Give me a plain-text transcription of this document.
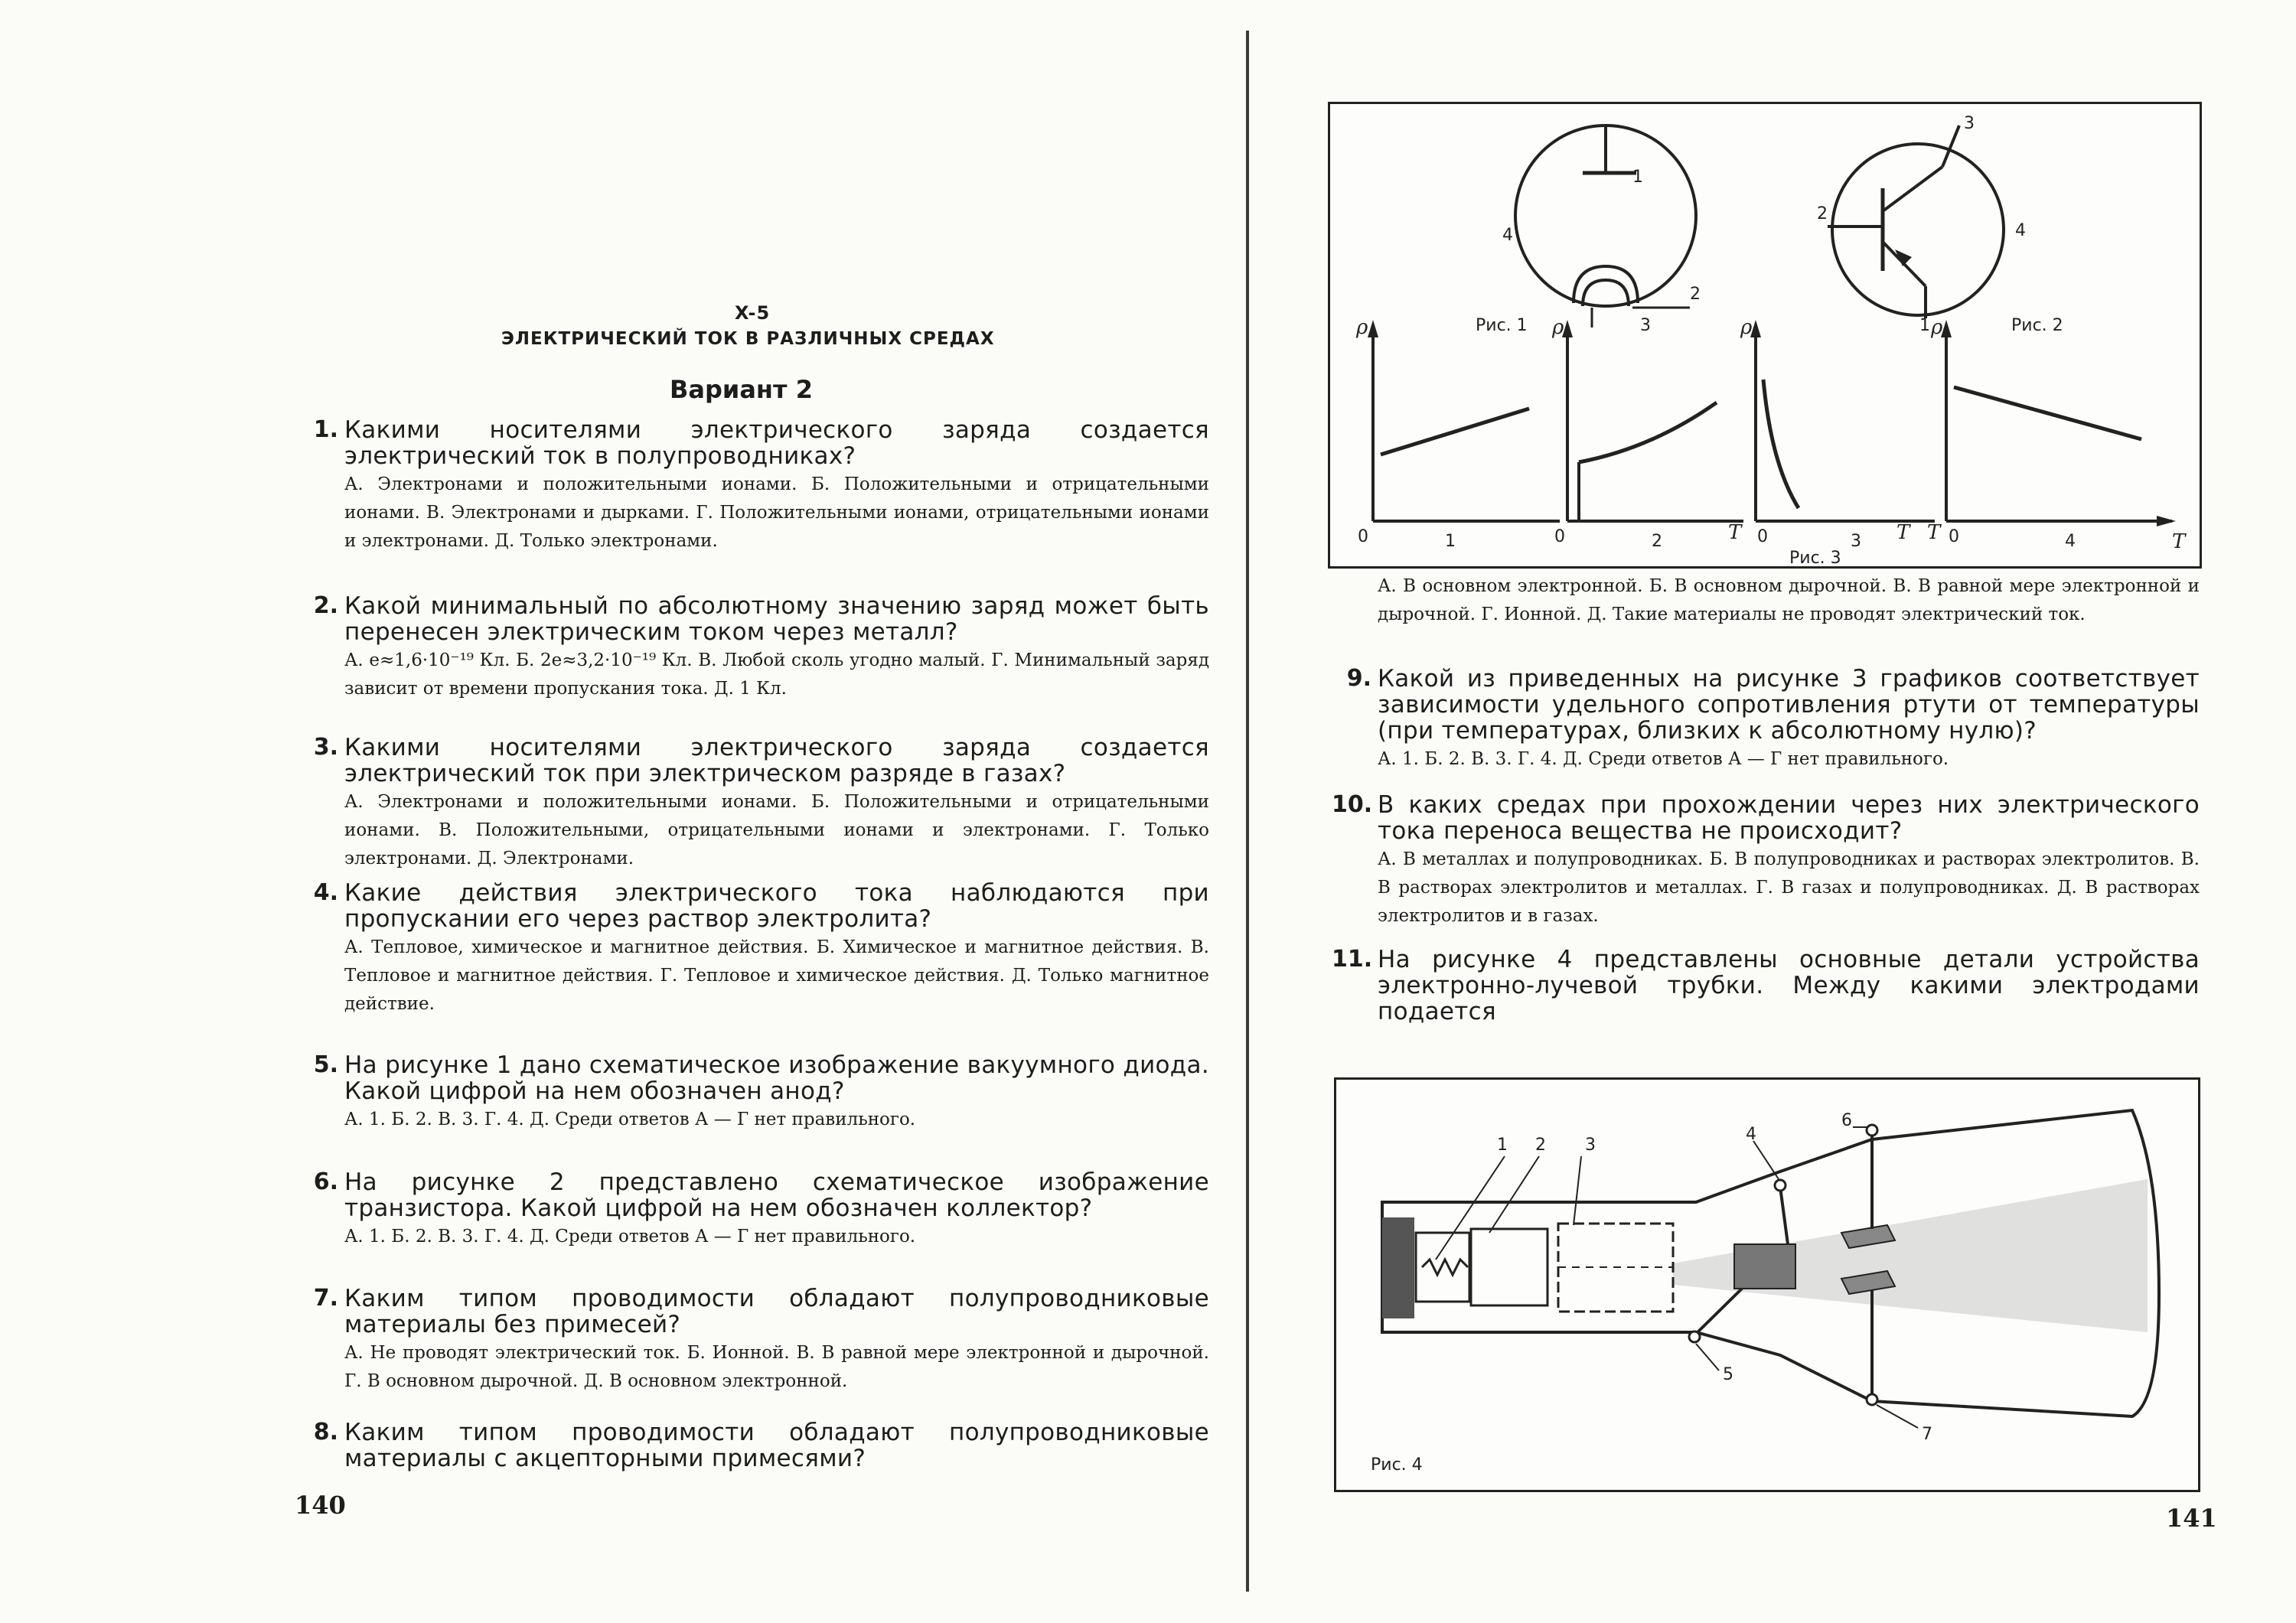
X-5
ЭЛЕКТРИЧЕСКИЙ ТОК В РАЗЛИЧНЫХ СРЕДАХ
Вариант 2
1. Какими носителями электрического заряда создается электрический ток в полупроводниках?
А. Электронами и положительными ионами. Б. Положительными и отрицательными ионами. В. Электронами и дырками. Г. Положительными ионами, отрицательными ионами и электронами. Д. Только электронами.
2. Какой минимальный по абсолютному значению заряд может быть перенесен электрическим током через металл?
А. e≈1,6·10⁻¹⁹ Кл. Б. 2e≈3,2·10⁻¹⁹ Кл. В. Любой сколь угодно малый. Г. Минимальный заряд зависит от времени пропускания тока. Д. 1 Кл.
3. Какими носителями электрического заряда создается электрический ток при электрическом разряде в газах?
А. Электронами и положительными ионами. Б. Положительными и отрицательными ионами. В. Положительными, отрицательными ионами и электронами. Г. Только электронами. Д. Электронами.
4. Какие действия электрического тока наблюдаются при пропускании его через раствор электролита?
А. Тепловое, химическое и магнитное действия. Б. Химическое и магнитное действия. В. Тепловое и магнитное действия. Г. Тепловое и химическое действия. Д. Только магнитное действие.
5. На рисунке 1 дано схематическое изображение вакуумного диода. Какой цифрой на нем обозначен анод?
А. 1. Б. 2. В. 3. Г. 4. Д. Среди ответов А — Г нет правильного.
6. На рисунке 2 представлено схематическое изображение транзистора. Какой цифрой на нем обозначен коллектор?
А. 1. Б. 2. В. 3. Г. 4. Д. Среди ответов А — Г нет правильного.
7. Каким типом проводимости обладают полупроводниковые материалы без примесей?
А. Не проводят электрический ток. Б. Ионной. В. В равной мере электронной и дырочной. Г. В основном дырочной. Д. В основном электронной.
8. Каким типом проводимости обладают полупроводниковые материалы с акцепторными примесями?
140
1
2
3
4
Рис. 1
3
2
4
1	Рис. 2
ρ
0	1
ρ
T
0	2
ρ
T
0	3
Рис. 3
ρ
T	T
0	4
А. В основном электронной. Б. В основном дырочной. В. В равной мере электронной и дырочной. Г. Ионной. Д. Такие материалы не проводят электрический ток.
9. Какой из приведенных на рисунке 3 графиков соответствует зависимости удельного сопротивления ртути от температуры (при температурах, близких к абсолютному нулю)?
А. 1. Б. 2. В. 3. Г. 4. Д. Среди ответов А — Г нет правильного.
10. В каких средах при прохождении через них электрического тока переноса вещества не происходит?
А. В металлах и полупроводниках. Б. В полупроводниках и растворах электролитов. В. В растворах электролитов и металлах. Г. В газах и полупроводниках. Д. В растворах электролитов и в газах.
11. На рисунке 4 представлены основные детали устройства электронно-лучевой трубки. Между какими электродами подается
1 2 3
4
5
6
7
Рис. 4
141
